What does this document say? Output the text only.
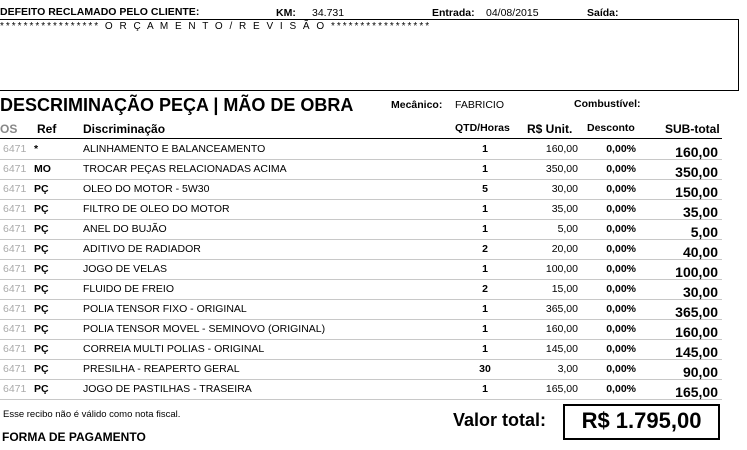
DEFEITO RECLAMADO PELO CLIENTE:	KM: 34.731	Entrada: 04/08/2015	Saída:
***************** O R Ç A M E N T O / R E V I S Ã O *****************
DESCRIMINAÇÃO PEÇA | MÃO DE OBRA	Mecânico: FABRICIO	Combustível:
OS Ref Discriminação	QTD/Horas R$ Unit. Desconto	SUB-total
6471 *	ALINHAMENTO E BALANCEAMENTO	1	160,00	0,00%	160,00
6471 MO	TROCAR PEÇAS RELACIONADAS ACIMA	1	350,00	0,00%	350,00
6471 PÇ	OLEO DO MOTOR - 5W30	5	30,00	0,00%	150,00
6471 PÇ	FILTRO DE OLEO DO MOTOR	1	35,00	0,00%	35,00
6471 PÇ	ANEL DO BUJÃO	1	5,00	0,00%	5,00
6471 PÇ	ADITIVO DE RADIADOR	2	20,00	0,00%	40,00
6471 PÇ	JOGO DE VELAS	1	100,00	0,00%	100,00
6471 PÇ	FLUIDO DE FREIO	2	15,00	0,00%	30,00
6471 PÇ	POLIA TENSOR FIXO - ORIGINAL	1	365,00	0,00%	365,00
6471 PÇ	POLIA TENSOR MOVEL - SEMINOVO (ORIGINAL)	1	160,00	0,00%	160,00
6471 PÇ	CORREIA MULTI POLIAS - ORIGINAL	1	145,00	0,00%	145,00
6471 PÇ	PRESILHA - REAPERTO GERAL	30	3,00	0,00%	90,00
6471 PÇ	JOGO DE PASTILHAS - TRASEIRA	1	165,00	0,00%	165,00
Esse recibo não é válido como nota fiscal.	Valor total:	R$ 1.795,00
FORMA DE PAGAMENTO
